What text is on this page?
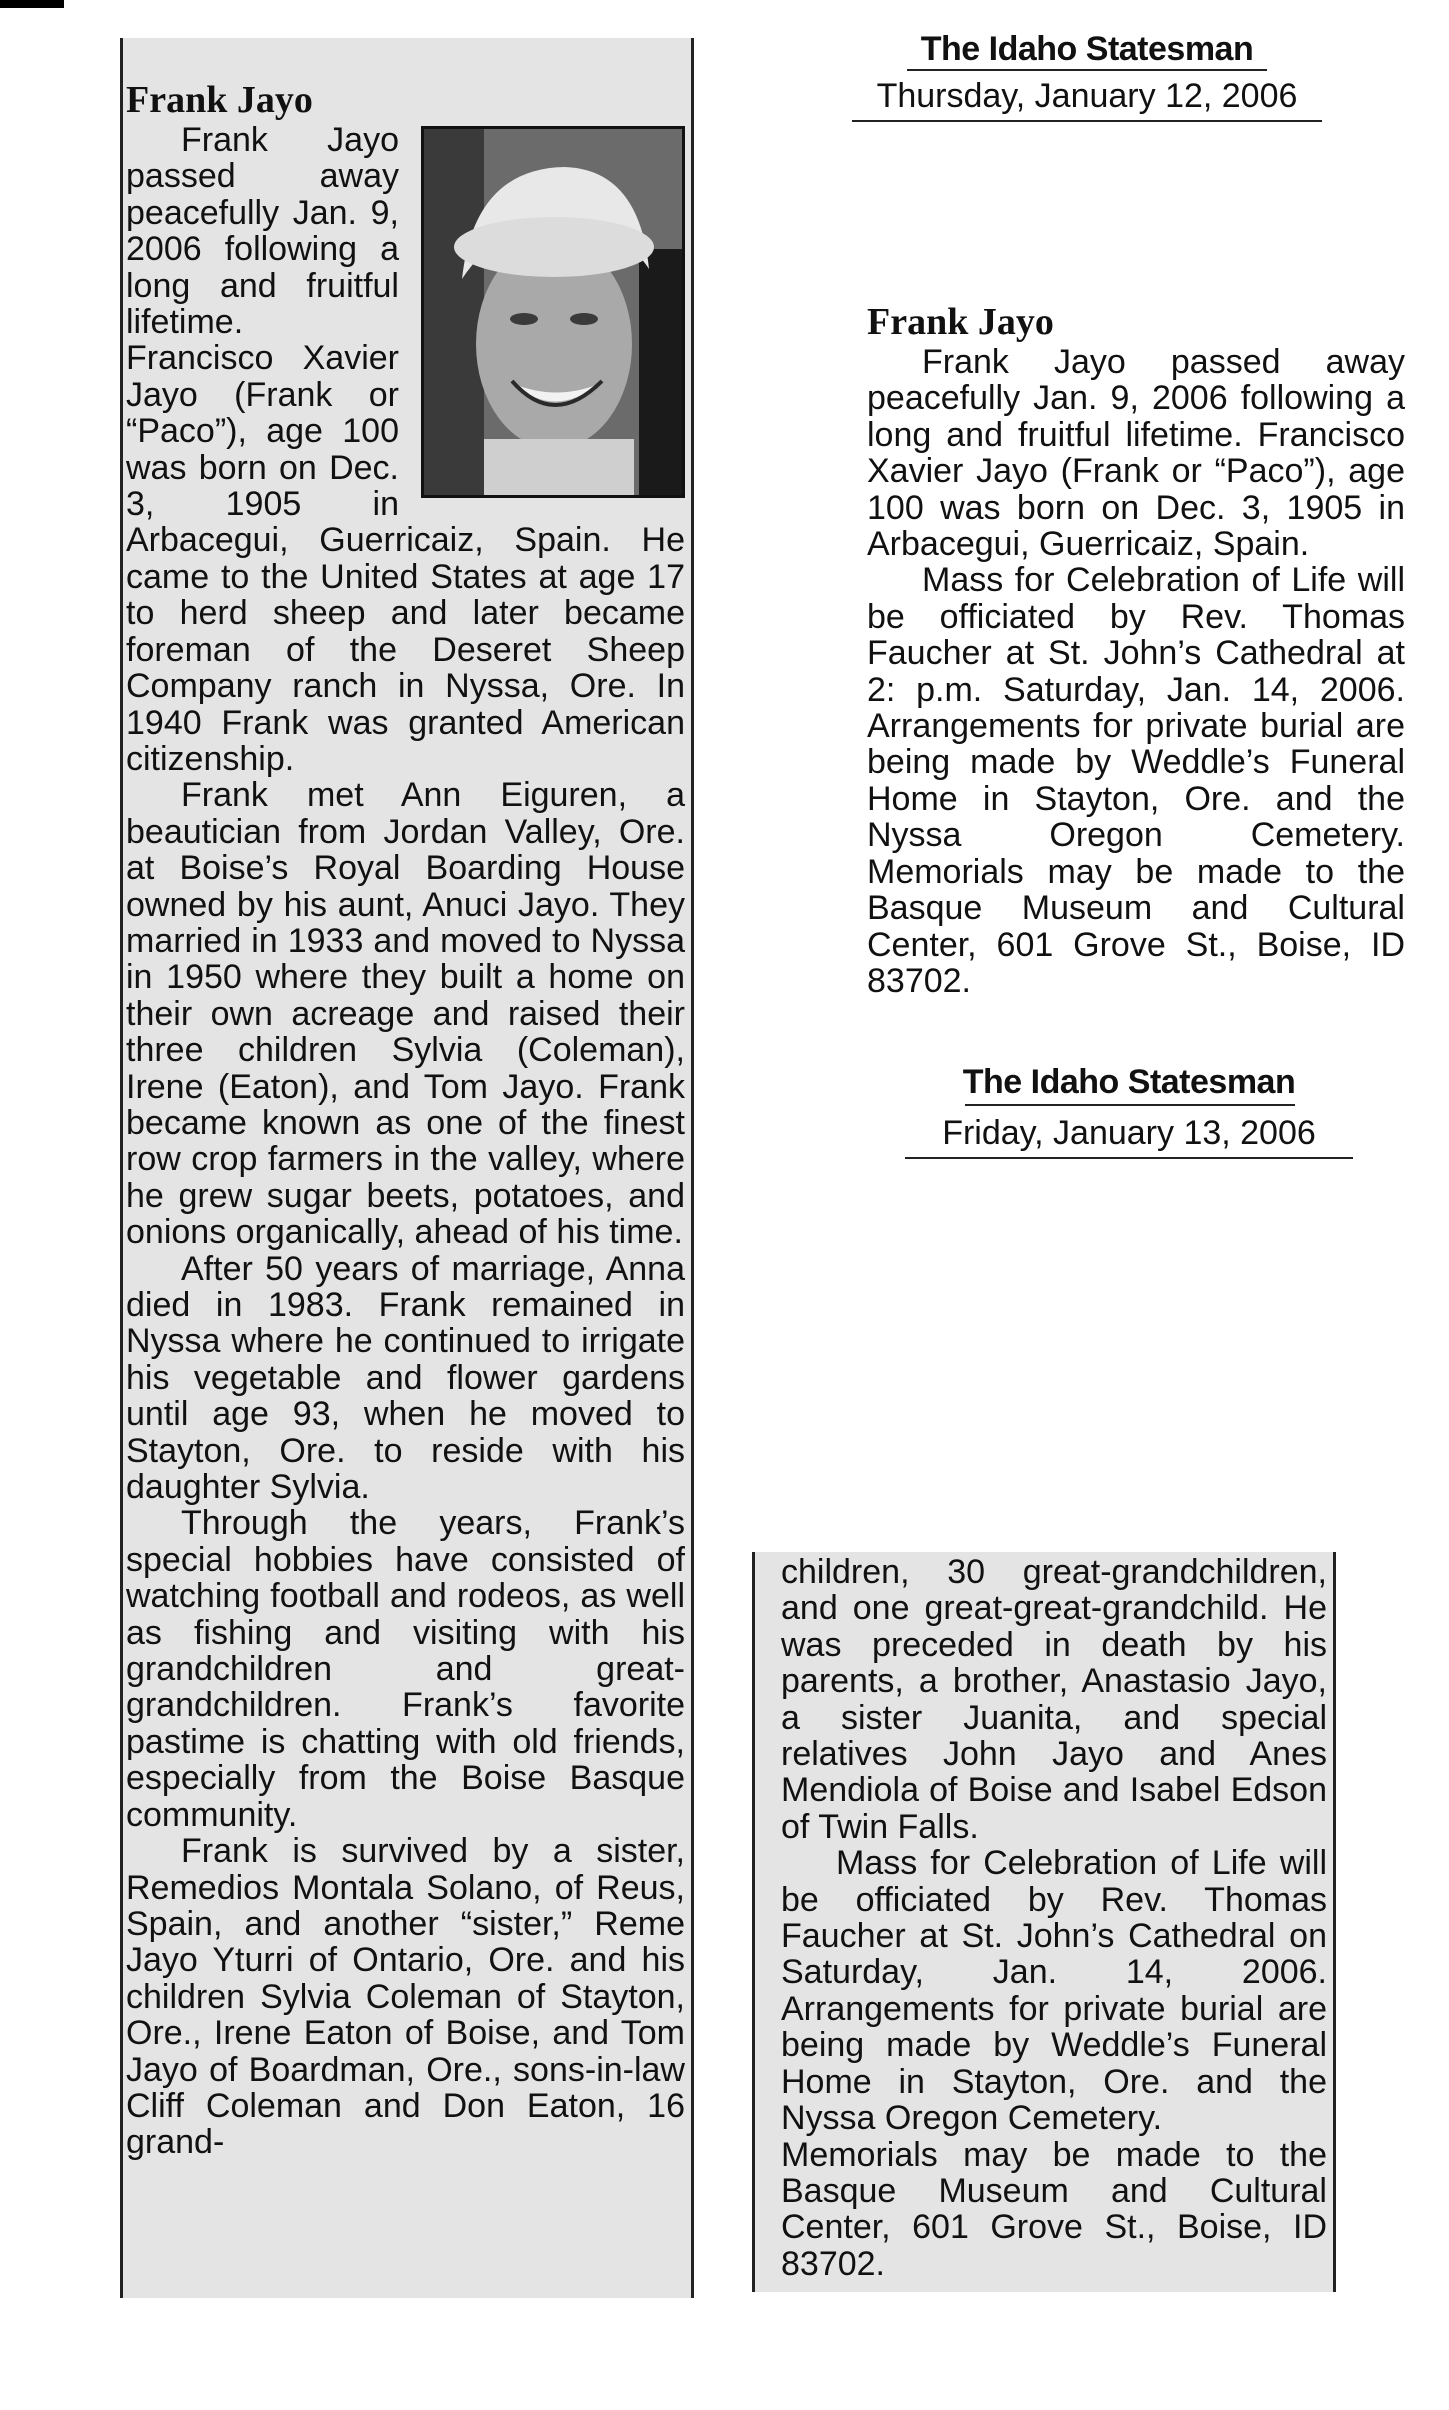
Frank Jayo

Frank Jayo passed away peacefully Jan. 9, 2006 following a long and fruitful lifetime. Francisco Xavier Jayo (Frank or “Paco”), age 100 was born on Dec. 3, 1905 in Arbacegui, Guerricaiz, Spain. He came to the United States at age 17 to herd sheep and later became foreman of the Deseret Sheep Company ranch in Nyssa, Ore. In 1940 Frank was granted American citizenship.

Frank met Ann Eiguren, a beautician from Jordan Valley, Ore. at Boise’s Royal Boarding House owned by his aunt, Anuci Jayo. They married in 1933 and moved to Nyssa in 1950 where they built a home on their own acreage and raised their three children Sylvia (Coleman), Irene (Eaton), and Tom Jayo. Frank became known as one of the finest row crop farmers in the valley, where he grew sugar beets, potatoes, and onions organically, ahead of his time.

After 50 years of marriage, Anna died in 1983. Frank remained in Nyssa where he continued to irrigate his vegetable and flower gardens until age 93, when he moved to Stayton, Ore. to reside with his daughter Sylvia.

Through the years, Frank’s special hobbies have consisted of watching football and rodeos, as well as fishing and visiting with his grandchildren and great-grandchildren. Frank’s favorite pastime is chatting with old friends, especially from the Boise Basque community.

Frank is survived by a sister, Remedios Montala Solano, of Reus, Spain, and another “sister,” Reme Jayo Yturri of Ontario, Ore. and his children Sylvia Coleman of Stayton, Ore., Irene Eaton of Boise, and Tom Jayo of Boardman, Ore., sons-in-law Cliff Coleman and Don Eaton, 16 grand-

The Idaho Statesman
Thursday, January 12, 2006
Frank Jayo

Frank Jayo passed away peacefully Jan. 9, 2006 following a long and fruitful lifetime. Francisco Xavier Jayo (Frank or “Paco”), age 100 was born on Dec. 3, 1905 in Arbacegui, Guerricaiz, Spain.

Mass for Celebration of Life will be officiated by Rev. Thomas Faucher at St. John’s Cathedral at 2: p.m. Saturday, Jan. 14, 2006. Arrangements for private burial are being made by Weddle’s Funeral Home in Stayton, Ore. and the Nyssa Oregon Cemetery. Memorials may be made to the Basque Museum and Cultural Center, 601 Grove St., Boise, ID 83702.

The Idaho Statesman
Friday, January 13, 2006

children, 30 great-grandchildren, and one great-great-grandchild. He was preceded in death by his parents, a brother, Anastasio Jayo, a sister Juanita, and special relatives John Jayo and Anes Mendiola of Boise and Isabel Edson of Twin Falls.

Mass for Celebration of Life will be officiated by Rev. Thomas Faucher at St. John’s Cathedral on Saturday, Jan. 14, 2006. Arrangements for private burial are being made by Weddle’s Funeral Home in Stayton, Ore. and the Nyssa Oregon Cemetery.

Memorials may be made to the Basque Museum and Cultural Center, 601 Grove St., Boise, ID 83702.
